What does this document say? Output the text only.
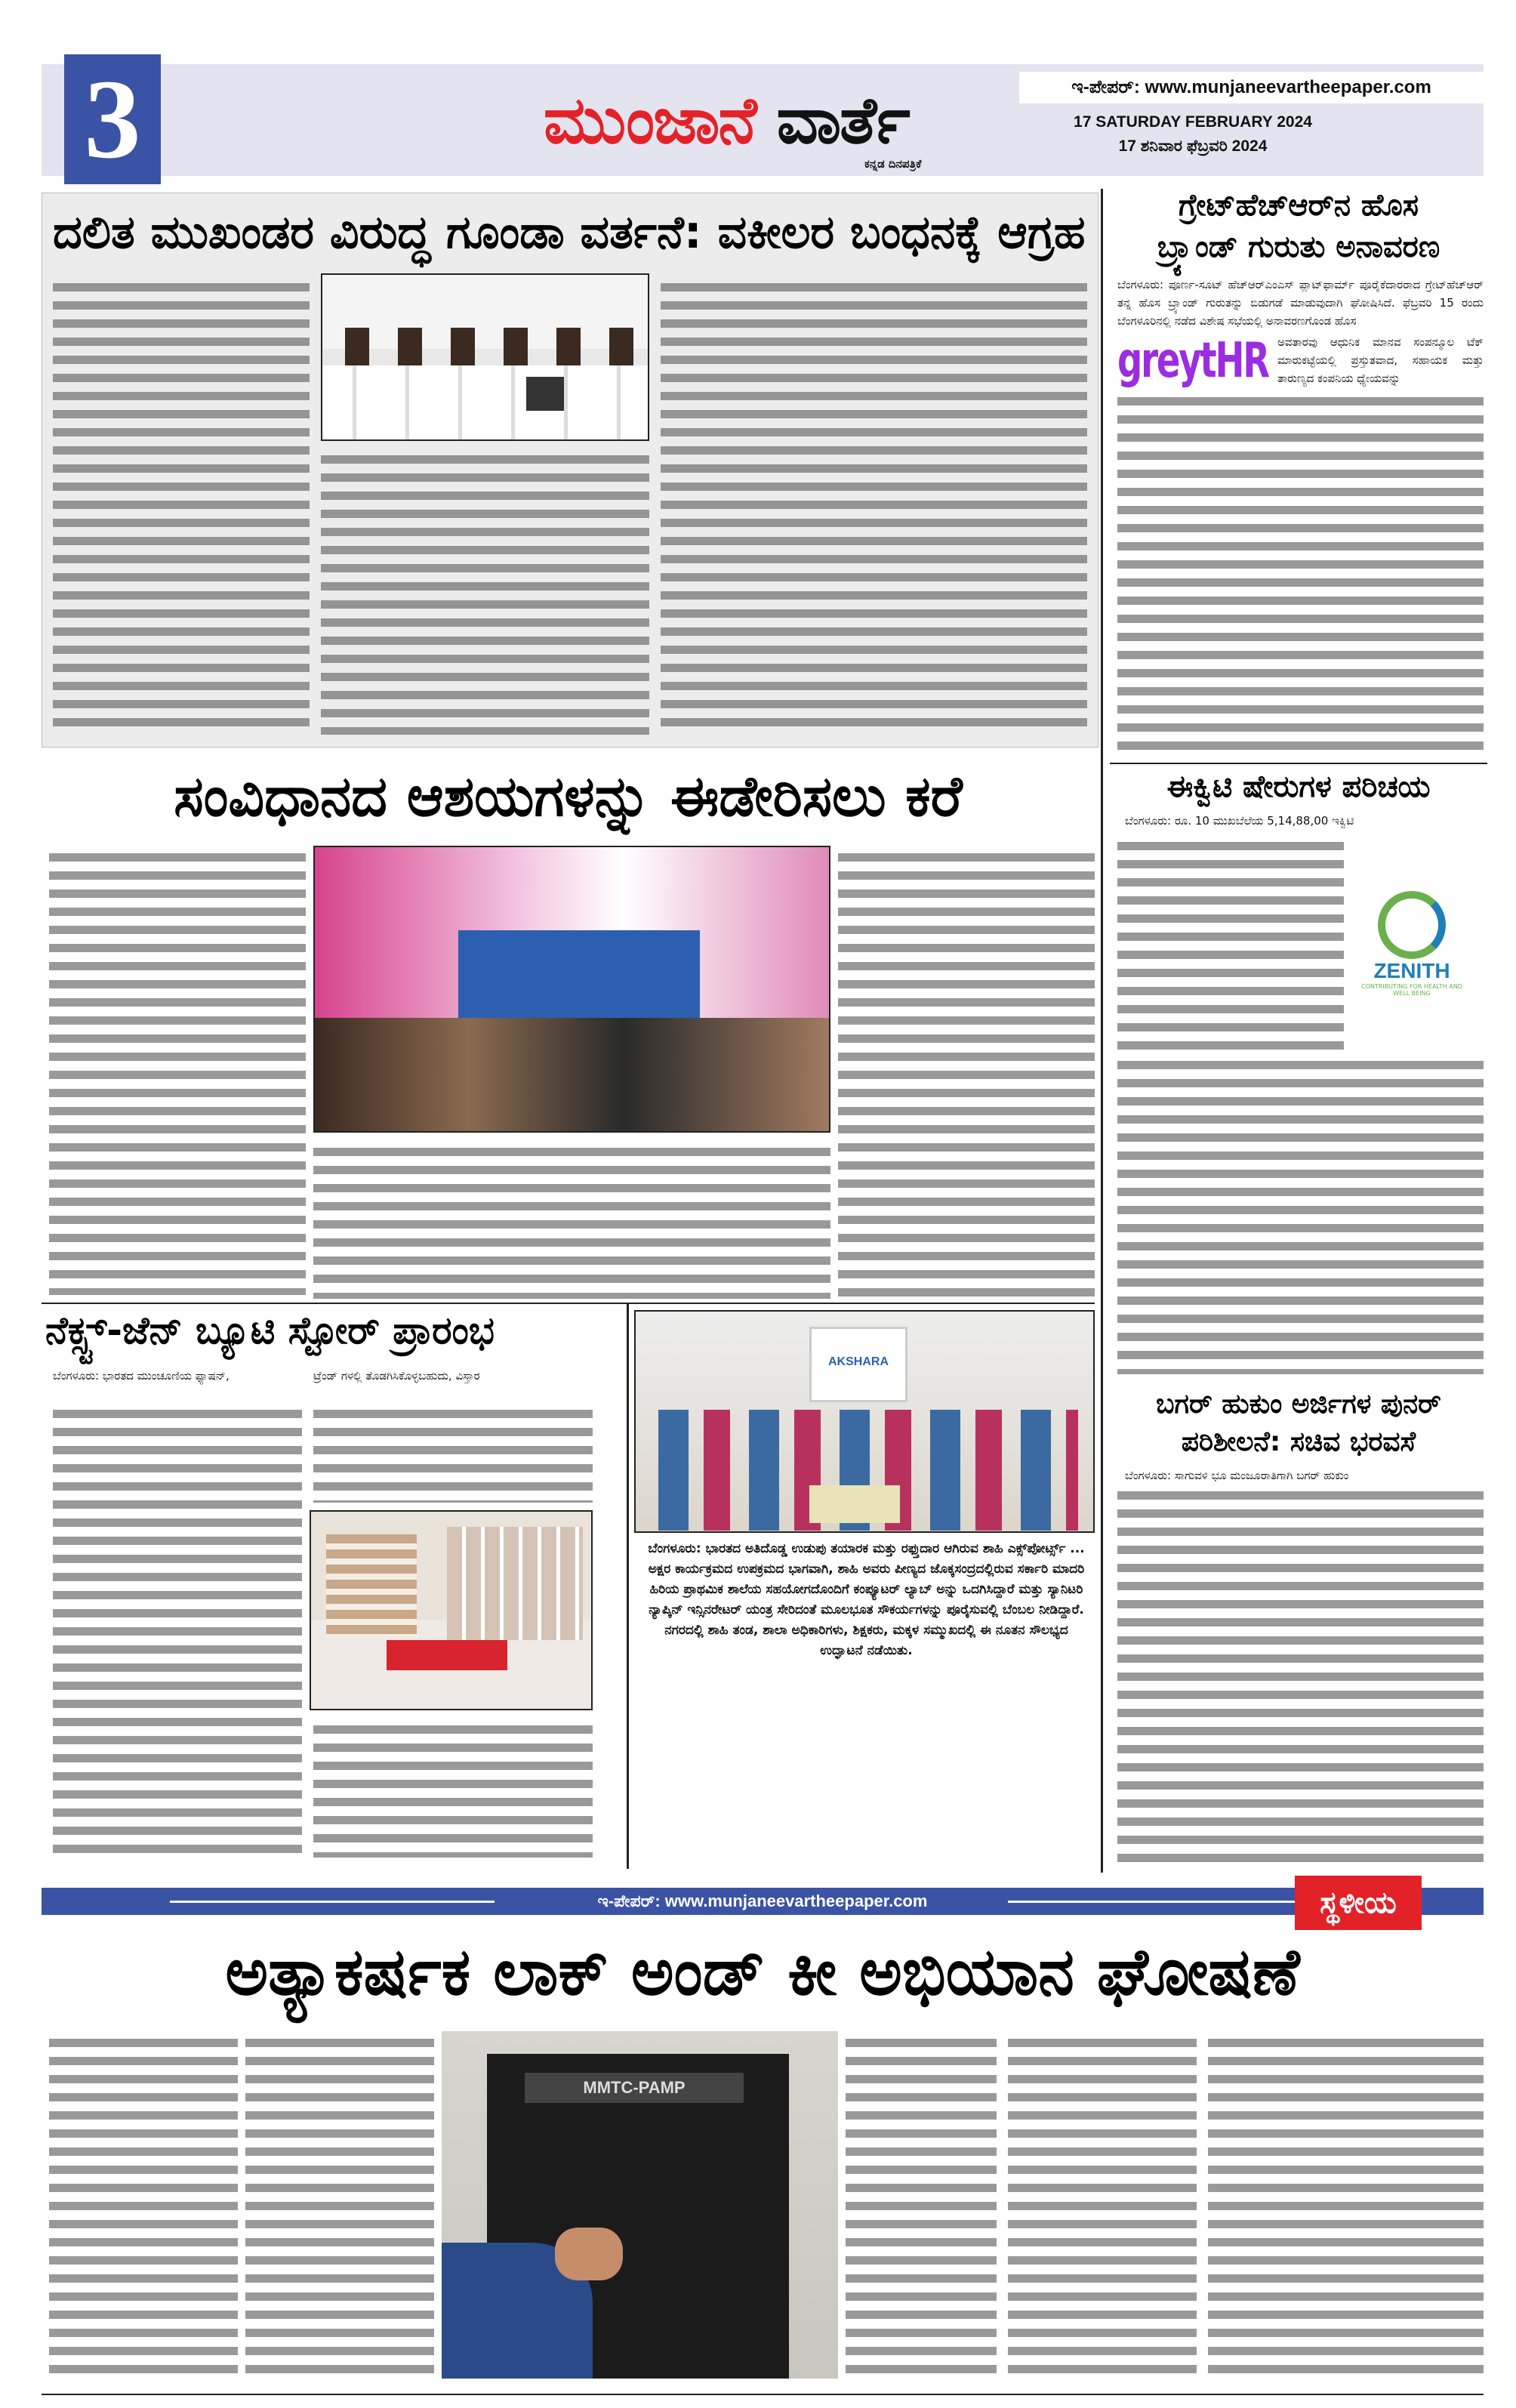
3	ಮುಂಜಾನೆ ವಾರ್ತೆ
ಕನ್ನಡ ದಿನಪತ್ರಿಕೆ
ಇ-ಪೇಪರ್: www.munjaneevartheepaper.com
17 SATURDAY FEBRUARY 2024
17 ಶನಿವಾರ ಫೆಬ್ರವರಿ 2024
ದಲಿತ ಮುಖಂಡರ ವಿರುದ್ಧ ಗೂಂಡಾ ವರ್ತನೆ: ವಕೀಲರ ಬಂಧನಕ್ಕೆ ಆಗ್ರಹ
ಗ್ರೇಟ್‌ಹೆಚ್‌ಆರ್‌ನ ಹೊಸ
ಬ್ರ್ಯಾಂಡ್ ಗುರುತು ಅನಾವರಣ
ಬೆಂಗಳೂರು: ಪೂರ್ಣ-ಸೂಟ್ ಹೆಚ್‌ಆರ್‌ಎಂಎಸ್ ಪ್ಲಾಟ್‌ಫಾರ್ಮ್ ಪೂರೈಕೆದಾರರಾದ ಗ್ರೇಟ್‌ಹೆಚ್‌ಆರ್ ತನ್ನ ಹೊಸ ಬ್ರ್ಯಾಂಡ್ ಗುರುತನ್ನು ಬಿಡುಗಡೆ ಮಾಡುವುದಾಗಿ ಘೋಷಿಸಿದೆ. ಫೆಬ್ರವರಿ 15 ರಂದು ಬೆಂಗಳೂರಿನಲ್ಲಿ ನಡೆದ ವಿಶೇಷ ಸಭೆಯಲ್ಲಿ ಅನಾವರಣಗೊಂಡ ಹೊಸ
greytHR ಅವತಾರವು ಆಧುನಿಕ ಮಾನವ ಸಂಪನ್ಮೂಲ ಟೆಕ್ ಮಾರುಕಟ್ಟೆಯಲ್ಲಿ ಪ್ರಸ್ತುತವಾದ, ಸಹಾಯಕ ಮತ್ತು ತಾರುಣ್ಯದ ಕಂಪನಿಯ ಧ್ಯೇಯವನ್ನು
ಸಂವಿಧಾನದ ಆಶಯಗಳನ್ನು ಈಡೇರಿಸಲು ಕರೆ	ಈಕ್ವಿಟಿ ಷೇರುಗಳ ಪರಿಚಯ
ಬೆಂಗಳೂರು: ರೂ. 10 ಮುಖಬೆಲೆಯ 5,14,88,00 ಇಕ್ವಿಟಿ
ZENITH
CONTRIBUTING FOR HEALTH AND WELL BEING
ನೆಕ್ಸ್ಟ್-ಜೆನ್ ಬ್ಯೂಟಿ ಸ್ಟೋರ್ ಪ್ರಾರಂಭ
ಬೆಂಗಳೂರು: ಭಾರತದ ಮುಂಚೂಣಿಯ ಫ್ಯಾಷನ್,	ಟ್ರೆಂಡ್ ಗಳಲ್ಲಿ ತೊಡಗಿಸಿಕೊಳ್ಳಬಹುದು, ವಿಸ್ತಾರ
AKSHARA
ಬೆಂಗಳೂರು: ಭಾರತದ ಅತಿದೊಡ್ಡ ಉಡುಪು ತಯಾರಕ ಮತ್ತು ರಫ್ತುದಾರ ಆಗಿರುವ ಶಾಹಿ ಎಕ್ಸ್‌ಪೋರ್ಟ್ಸ್ ... ಅಕ್ಷರ ಕಾರ್ಯಕ್ರಮದ ಉಪಕ್ರಮದ ಭಾಗವಾಗಿ, ಶಾಹಿ ಅವರು ಪೀಣ್ಯದ ಜೊಕ್ಕಸಂದ್ರದಲ್ಲಿರುವ ಸರ್ಕಾರಿ ಮಾದರಿ ಹಿರಿಯ ಪ್ರಾಥಮಿಕ ಶಾಲೆಯ ಸಹಯೋಗದೊಂದಿಗೆ ಕಂಪ್ಯೂಟರ್ ಲ್ಯಾಬ್ ಅನ್ನು ಒದಗಿಸಿದ್ದಾರೆ ಮತ್ತು ಸ್ಯಾನಿಟರಿ ನ್ಯಾಪ್ಕಿನ್ ಇನ್ಸಿನರೇಟರ್ ಯಂತ್ರ ಸೇರಿದಂತೆ ಮೂಲಭೂತ ಸೌಕರ್ಯಗಳನ್ನು ಪೂರೈಸುವಲ್ಲಿ ಬೆಂಬಲ ನೀಡಿದ್ದಾರೆ. ನಗರದಲ್ಲಿ ಶಾಹಿ ತಂಡ, ಶಾಲಾ ಅಧಿಕಾರಿಗಳು, ಶಿಕ್ಷಕರು, ಮಕ್ಕಳ ಸಮ್ಮುಖದಲ್ಲಿ ಈ ನೂತನ ಸೌಲಭ್ಯದ ಉದ್ಘಾಟನೆ ನಡೆಯಿತು.
ಬಗರ್ ಹುಕುಂ ಅರ್ಜಿಗಳ ಪುನರ್
ಪರಿಶೀಲನೆ: ಸಚಿವ ಭರವಸೆ
ಬೆಂಗಳೂರು: ಸಾಗುವಳಿ ಭೂ ಮಂಜೂರಾತಿಗಾಗಿ ಬಗರ್ ಹುಕುಂ
ಇ-ಪೇಪರ್: www.munjaneevartheepaper.com	ಸ್ಥಳೀಯ
ಅತ್ಯಾಕರ್ಷಕ ಲಾಕ್ ಅಂಡ್ ಕೀ ಅಭಿಯಾನ ಘೋಷಣೆ
MMTC-PAMP
